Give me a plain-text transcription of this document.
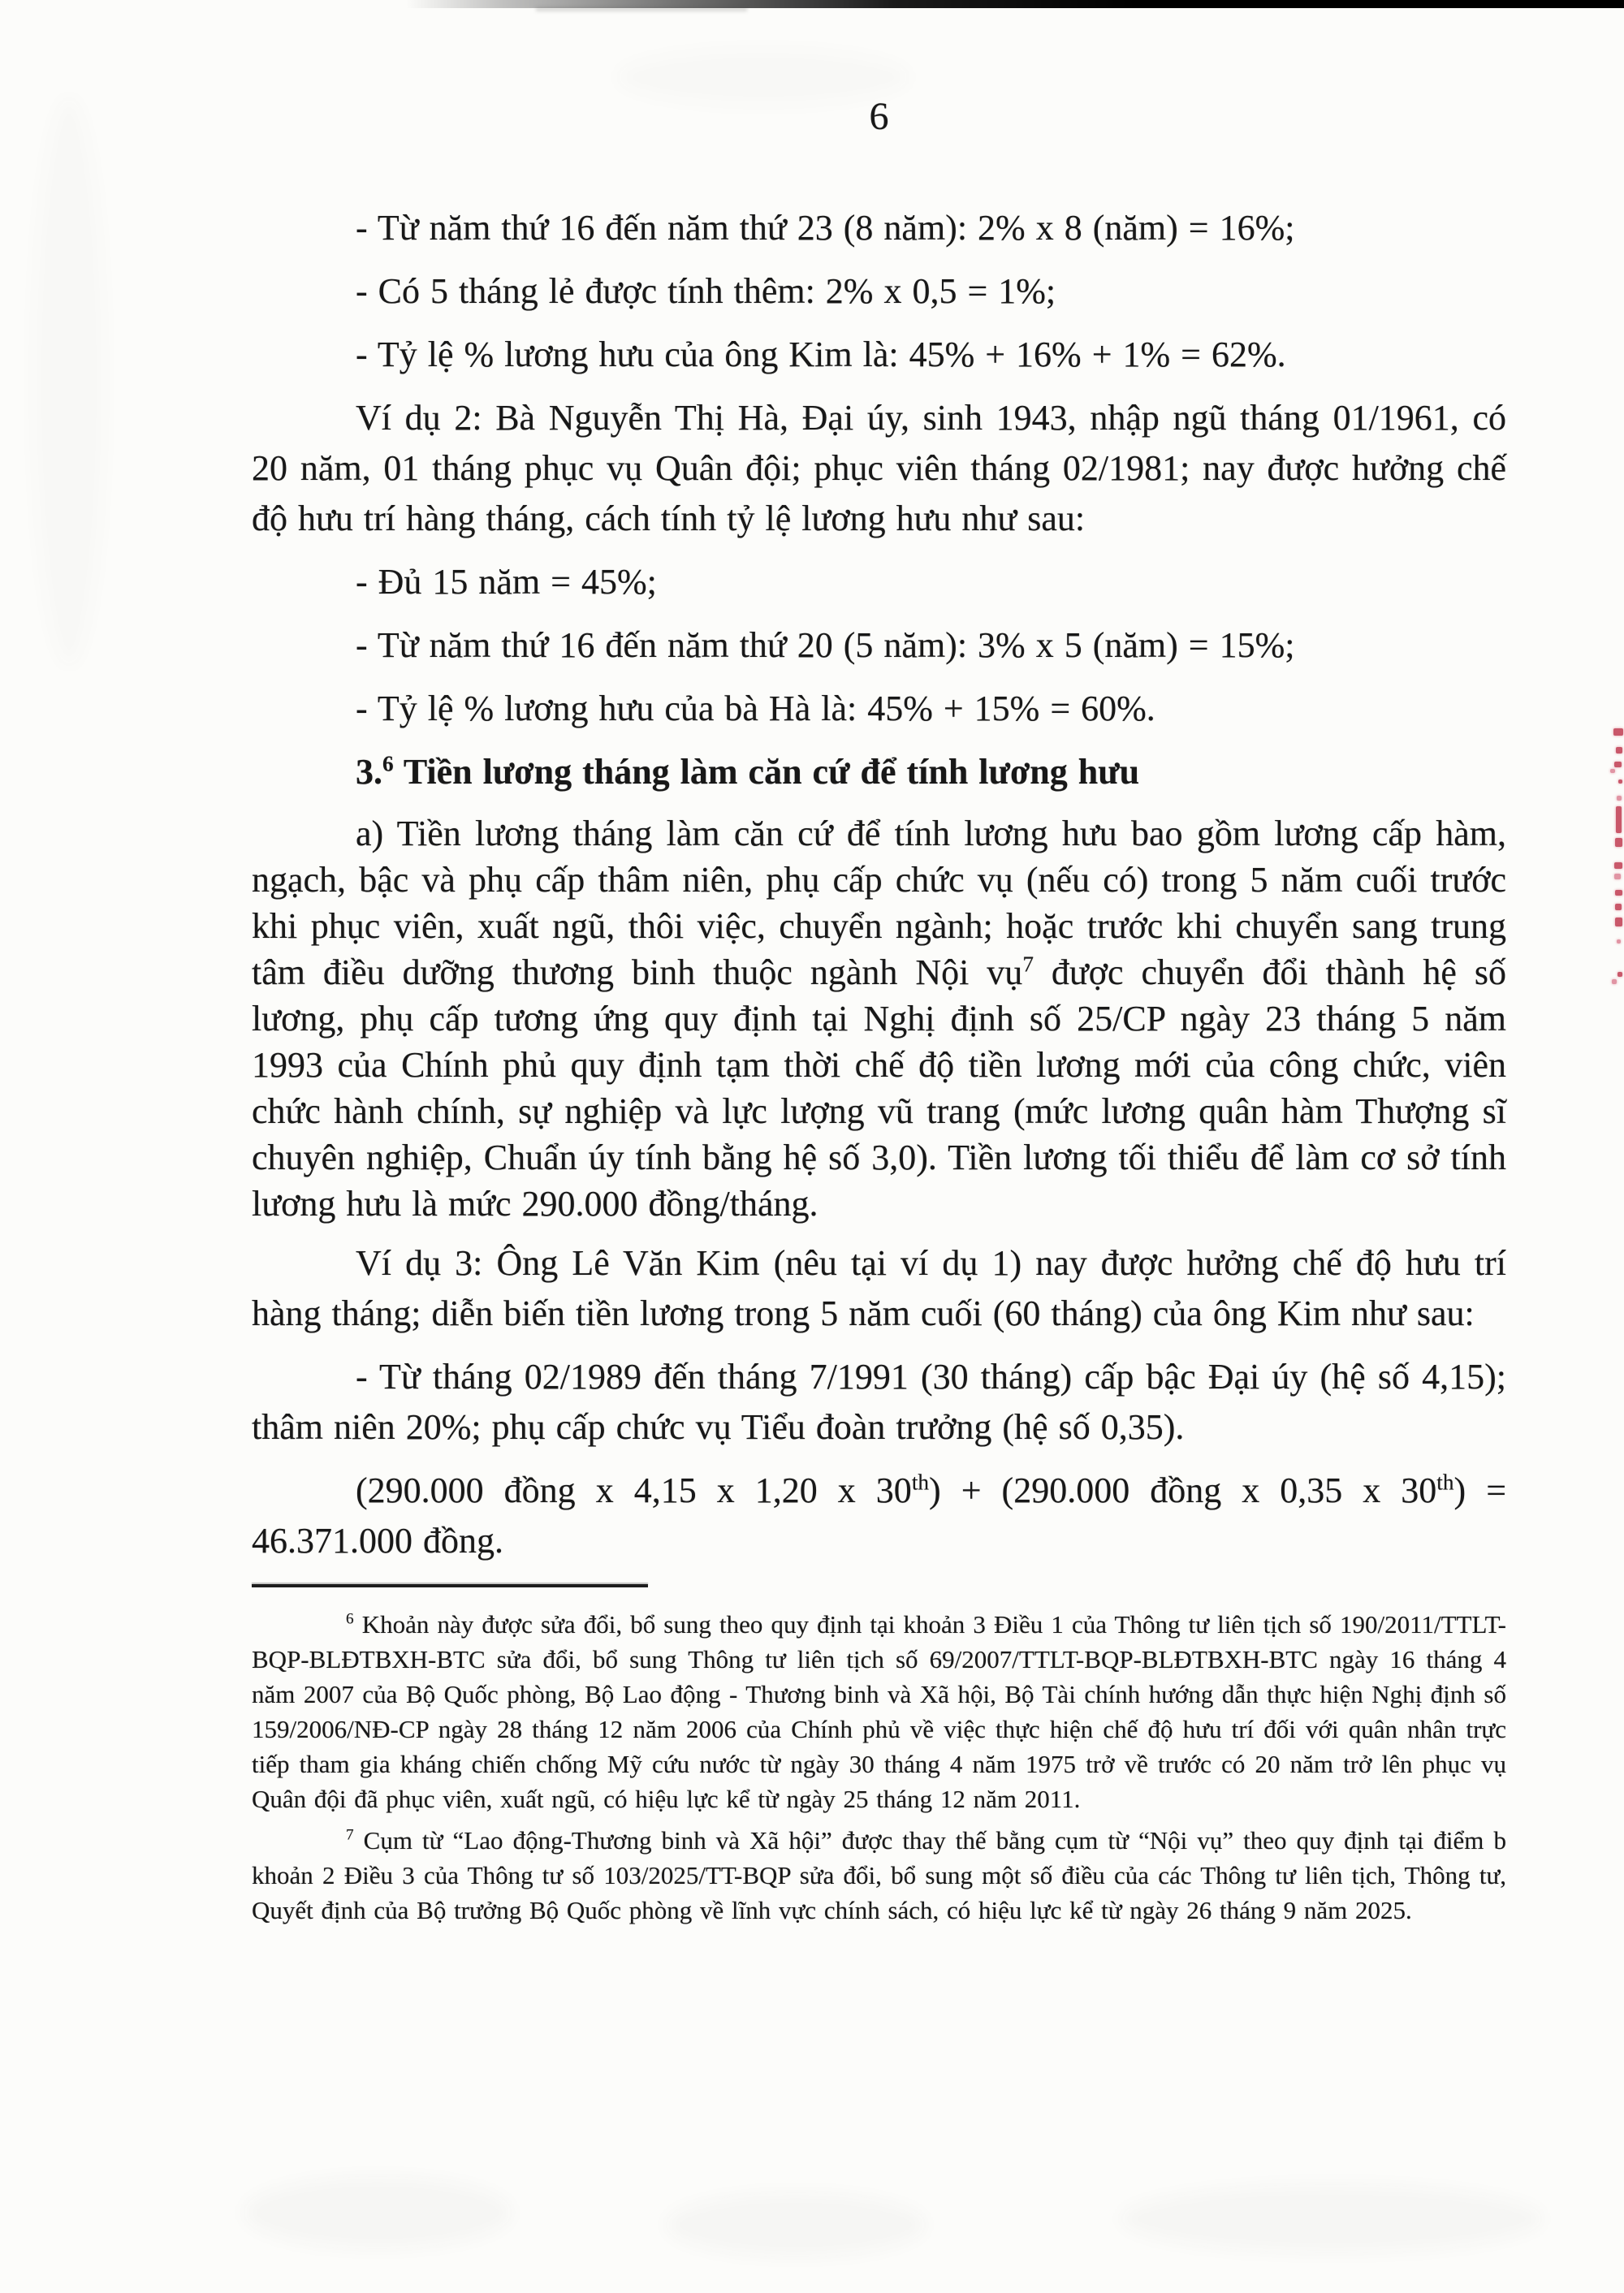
6

- Từ năm thứ 16 đến năm thứ 23 (8 năm): 2% x 8 (năm) = 16%;

- Có 5 tháng lẻ được tính thêm: 2% x 0,5 = 1%;

- Tỷ lệ % lương hưu của ông Kim là: 45% + 16% + 1% = 62%.

Ví dụ 2: Bà Nguyễn Thị Hà, Đại úy, sinh 1943, nhập ngũ tháng 01/1961, có 20 năm, 01 tháng phục vụ Quân đội; phục viên tháng 02/1981; nay được hưởng chế độ hưu trí hàng tháng, cách tính tỷ lệ lương hưu như sau:

- Đủ 15 năm = 45%;

- Từ năm thứ 16 đến năm thứ 20 (5 năm): 3% x 5 (năm) = 15%;

- Tỷ lệ % lương hưu của bà Hà là: 45% + 15% = 60%.

3.$^6$ Tiền lương tháng làm căn cứ để tính lương hưu

a) Tiền lương tháng làm căn cứ để tính lương hưu bao gồm lương cấp hàm, ngạch, bậc và phụ cấp thâm niên, phụ cấp chức vụ (nếu có) trong 5 năm cuối trước khi phục viên, xuất ngũ, thôi việc, chuyển ngành; hoặc trước khi chuyển sang trung tâm điều dưỡng thương binh thuộc ngành Nội vụ$^7$ được chuyển đổi thành hệ số lương, phụ cấp tương ứng quy định tại Nghị định số 25/CP ngày 23 tháng 5 năm 1993 của Chính phủ quy định tạm thời chế độ tiền lương mới của công chức, viên chức hành chính, sự nghiệp và lực lượng vũ trang (mức lương quân hàm Thượng sĩ chuyên nghiệp, Chuẩn úy tính bằng hệ số 3,0). Tiền lương tối thiểu để làm cơ sở tính lương hưu là mức 290.000 đồng/tháng.

Ví dụ 3: Ông Lê Văn Kim (nêu tại ví dụ 1) nay được hưởng chế độ hưu trí hàng tháng; diễn biến tiền lương trong 5 năm cuối (60 tháng) của ông Kim như sau:

- Từ tháng 02/1989 đến tháng 7/1991 (30 tháng) cấp bậc Đại úy (hệ số 4,15); thâm niên 20%; phụ cấp chức vụ Tiểu đoàn trưởng (hệ số 0,35).

(290.000 đồng x 4,15 x 1,20 x 30th) + (290.000 đồng x 0,35 x 30th) = 46.371.000 đồng.

$^6$ Khoản này được sửa đổi, bổ sung theo quy định tại khoản 3 Điều 1 của Thông tư liên tịch số 190/2011/TTLT-BQP-BLĐTBXH-BTC sửa đổi, bổ sung Thông tư liên tịch số 69/2007/TTLT-BQP-BLĐTBXH-BTC ngày 16 tháng 4 năm 2007 của Bộ Quốc phòng, Bộ Lao động - Thương binh và Xã hội, Bộ Tài chính hướng dẫn thực hiện Nghị định số 159/2006/NĐ-CP ngày 28 tháng 12 năm 2006 của Chính phủ về việc thực hiện chế độ hưu trí đối với quân nhân trực tiếp tham gia kháng chiến chống Mỹ cứu nước từ ngày 30 tháng 4 năm 1975 trở về trước có 20 năm trở lên phục vụ Quân đội đã phục viên, xuất ngũ, có hiệu lực kể từ ngày 25 tháng 12 năm 2011.

$^7$ Cụm từ “Lao động-Thương binh và Xã hội” được thay thế bằng cụm từ “Nội vụ” theo quy định tại điểm b khoản 2 Điều 3 của Thông tư số 103/2025/TT-BQP sửa đổi, bổ sung một số điều của các Thông tư liên tịch, Thông tư, Quyết định của Bộ trưởng Bộ Quốc phòng về lĩnh vực chính sách, có hiệu lực kể từ ngày 26 tháng 9 năm 2025.
